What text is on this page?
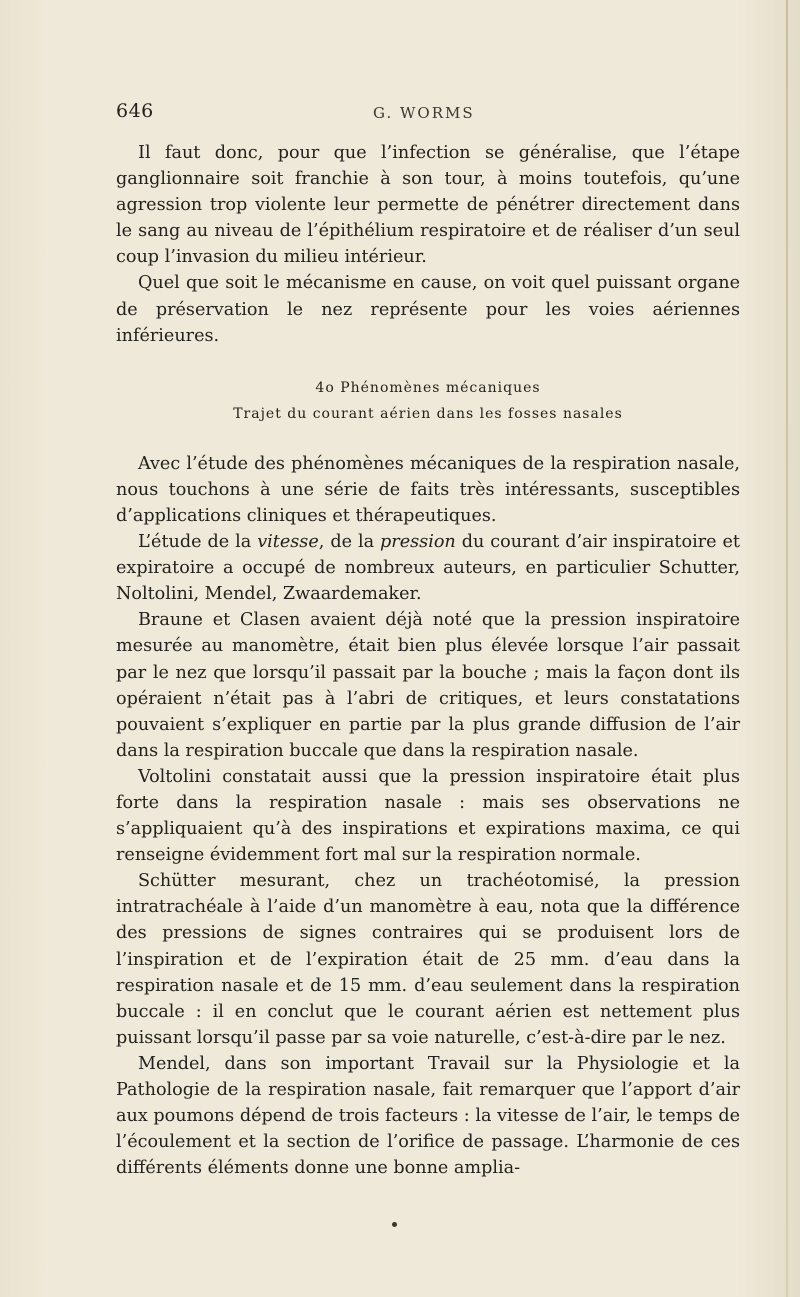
646	G. WORMS

Il faut donc, pour que l’infection se généralise, que l’étape ganglionnaire soit franchie à son tour, à moins toutefois, qu’une agression trop violente leur permette de pénétrer directement dans le sang au niveau de l’épithélium respiratoire et de réaliser d’un seul coup l’invasion du milieu intérieur.

Quel que soit le mécanisme en cause, on voit quel puissant organe de préservation le nez représente pour les voies aériennes inférieures.

4o Phénomènes mécaniques
Trajet du courant aérien dans les fosses nasales

Avec l’étude des phénomènes mécaniques de la respiration nasale, nous touchons à une série de faits très intéressants, susceptibles d’applications cliniques et thérapeutiques.

L’étude de la vitesse, de la pression du courant d’air inspiratoire et expiratoire a occupé de nombreux auteurs, en particulier Schutter, Noltolini, Mendel, Zwaardemaker.

Braune et Clasen avaient déjà noté que la pression inspiratoire mesurée au manomètre, était bien plus élevée lorsque l’air passait par le nez que lorsqu’il passait par la bouche ; mais la façon dont ils opéraient n’était pas à l’abri de critiques, et leurs constatations pouvaient s’expliquer en partie par la plus grande diffusion de l’air dans la respiration buccale que dans la respiration nasale.

Voltolini constatait aussi que la pression inspiratoire était plus forte dans la respiration nasale : mais ses observations ne s’appliquaient qu’à des inspirations et expirations maxima, ce qui renseigne évidemment fort mal sur la respiration normale.

Schütter mesurant, chez un trachéotomisé, la pression intratrachéale à l’aide d’un manomètre à eau, nota que la différence des pressions de signes contraires qui se produisent lors de l’inspiration et de l’expiration était de 25 mm. d’eau dans la respiration nasale et de 15 mm. d’eau seulement dans la respiration buccale : il en conclut que le courant aérien est nettement plus puissant lorsqu’il passe par sa voie naturelle, c’est-à-dire par le nez.

Mendel, dans son important Travail sur la Physiologie et la Pathologie de la respiration nasale, fait remarquer que l’apport d’air aux poumons dépend de trois facteurs : la vitesse de l’air, le temps de l’écoulement et la section de l’orifice de passage. L’harmonie de ces différents éléments donne une bonne amplia-
